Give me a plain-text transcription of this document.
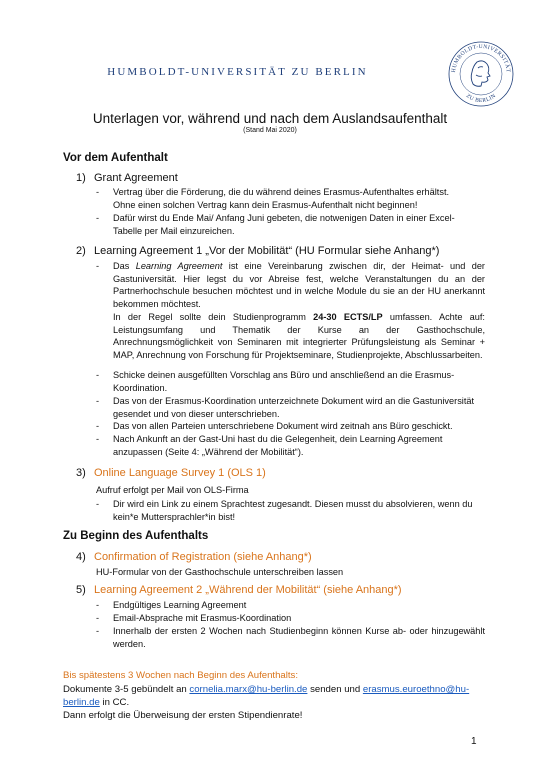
HUMBOLDT-UNIVERSITÄT ZU BERLIN	HUMBOLDT-UNIVERSITÄT
ZU BERLIN
Unterlagen vor, während und nach dem Auslandsaufenthalt
(Stand Mai 2020)
Vor dem Aufenthalt
1) Grant Agreement
- Vertrag über die Förderung, die du während deines Erasmus-Aufenthaltes erhältst.
Ohne einen solchen Vertrag kann dein Erasmus-Aufenthalt nicht beginnen!
- Dafür wirst du Ende Mai/ Anfang Juni gebeten, die notwenigen Daten in einer Excel-
Tabelle per Mail einzureichen.
2) Learning Agreement 1 „Vor der Mobilität“ (HU Formular siehe Anhang*)
- Das Learning Agreement ist eine Vereinbarung zwischen dir, der Heimat- und der Gastuniversität. Hier legst du vor Abreise fest, welche Veranstaltungen du an der Partnerhochschule besuchen möchtest und in welche Module du sie an der HU anerkannt bekommen möchtest.
In der Regel sollte dein Studienprogramm 24-30 ECTS/LP umfassen. Achte auf: Leistungsumfang und Thematik der Kurse an der Gasthochschule, Anrechnungsmöglichkeit von Seminaren mit integrierter Prüfungsleistung als Seminar + MAP, Anrechnung von Forschung für Projektseminare, Studienprojekte, Abschlussarbeiten.
- Schicke deinen ausgefüllten Vorschlag ans Büro und anschließend an die Erasmus-Koordination.
- Das von der Erasmus-Koordination unterzeichnete Dokument wird an die Gastuniversität gesendet und von dieser unterschrieben.
- Das von allen Parteien unterschriebene Dokument wird zeitnah ans Büro geschickt.
- Nach Ankunft an der Gast-Uni hast du die Gelegenheit, dein Learning Agreement anzupassen (Seite 4: „Während der Mobilität“).
3) Online Language Survey 1 (OLS 1)
Aufruf erfolgt per Mail von OLS-Firma
- Dir wird ein Link zu einem Sprachtest zugesandt. Diesen musst du absolvieren, wenn du kein*e Muttersprachler*in bist!
Zu Beginn des Aufenthalts
4) Confirmation of Registration (siehe Anhang*)
HU-Formular von der Gasthochschule unterschreiben lassen
5) Learning Agreement 2 „Während der Mobilität“ (siehe Anhang*)
- Endgültiges Learning Agreement
- Email-Absprache mit Erasmus-Koordination
- Innerhalb der ersten 2 Wochen nach Studienbeginn können Kurse ab- oder hinzugewählt werden.
Bis spätestens 3 Wochen nach Beginn des Aufenthalts:
Dokumente 3-5 gebündelt an cornelia.marx@hu-berlin.de senden und erasmus.euroethno@hu-
berlin.de in CC.
Dann erfolgt die Überweisung der ersten Stipendienrate!
1
